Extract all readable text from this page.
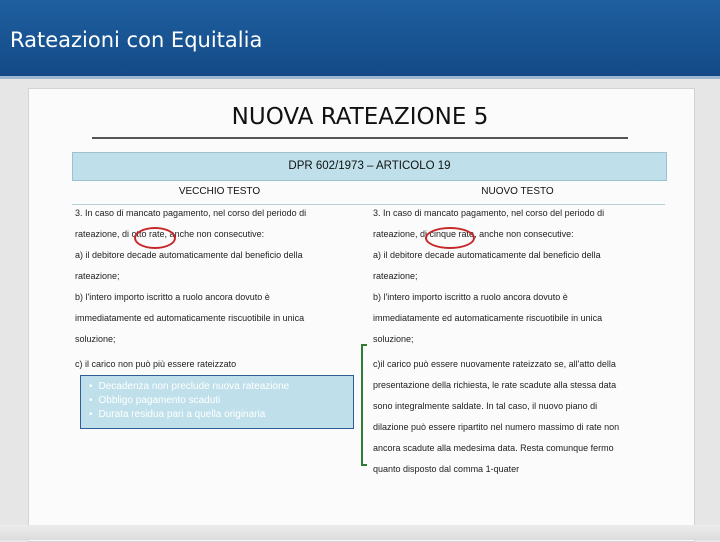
Rateazioni con Equitalia
NUOVA RATEAZIONE 5
DPR 602/1973 – ARTICOLO 19
VECCHIO TESTO	NUOVO TESTO
3. In caso di mancato pagamento, nel corso del periodo di
rateazione, di otto rate, anche non consecutive:
a) il debitore decade automaticamente dal beneficio della
rateazione;
b) l'intero importo iscritto a ruolo ancora dovuto è
immediatamente ed automaticamente riscuotibile in unica
soluzione;
c) il carico non può più essere rateizzato
3. In caso di mancato pagamento, nel corso del periodo di
rateazione, di cinque rate, anche non consecutive:
a) il debitore decade automaticamente dal beneficio della
rateazione;
b) l'intero importo iscritto a ruolo ancora dovuto è
immediatamente ed automaticamente riscuotibile in unica
soluzione;
c)il carico può essere nuovamente rateizzato se, all'atto della
presentazione della richiesta, le rate scadute alla stessa data
sono integralmente saldate. In tal caso, il nuovo piano di
dilazione può essere ripartito nel numero massimo di rate non
ancora scadute alla medesima data. Resta comunque fermo
quanto disposto dal comma 1-quater
• Decadenza non preclude nuova rateazione
• Obbligo pagamento scaduti
• Durata residua pari a quella originaria
